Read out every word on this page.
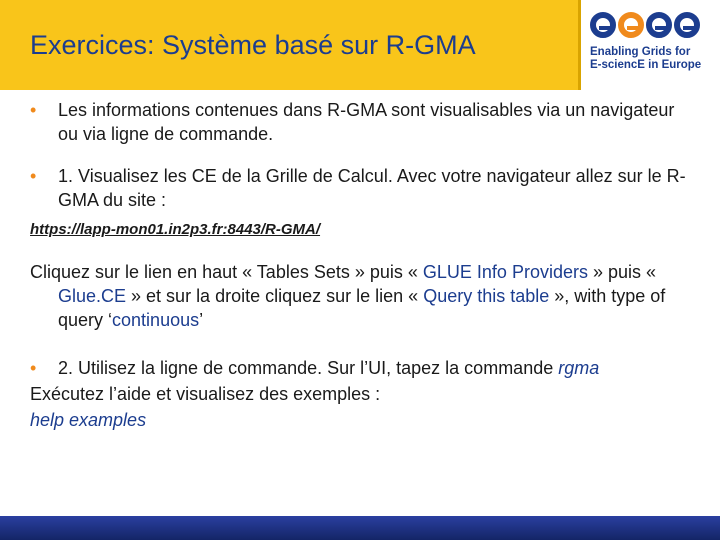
Exercices: Système basé sur R-GMA	Enabling Grids for
E-sciencE in Europe
• Les informations contenues dans R-GMA sont visualisables via un navigateur ou via ligne de commande.
• 1. Visualisez les CE de la Grille de Calcul. Avec votre navigateur allez sur le R-GMA du site :
https://lapp-mon01.in2p3.fr:8443/R-GMA/
Cliquez sur le lien en haut « Tables Sets » puis « GLUE Info Providers » puis « Glue.CE » et sur la droite cliquez sur le lien « Query this table », with type of query ‘continuous’
• 2. Utilisez la ligne de commande. Sur l’UI, tapez la commande rgma
Exécutez l’aide et visualisez des exemples :
help examples
